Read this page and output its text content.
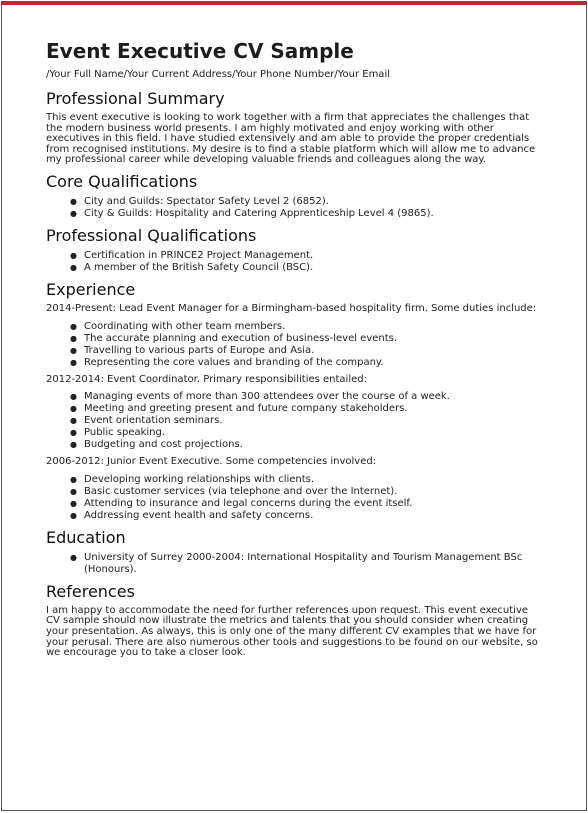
Event Executive CV Sample
/Your Full Name/Your Current Address/Your Phone Number/Your Email
Professional Summary

This event executive is looking to work together with a firm that appreciates the challenges that the modern business world presents. I am highly motivated and enjoy working with other executives in this field. I have studied extensively and am able to provide the proper credentials from recognised institutions. My desire is to find a stable platform which will allow me to advance my professional career while developing valuable friends and colleagues along the way.

Core Qualifications
● City and Guilds: Spectator Safety Level 2 (6852).
● City & Guilds: Hospitality and Catering Apprenticeship Level 4 (9865).
Professional Qualifications
● Certification in PRINCE2 Project Management.
● A member of the British Safety Council (BSC).
Experience

2014-Present: Lead Event Manager for a Birmingham-based hospitality firm. Some duties include:

● Coordinating with other team members.
● The accurate planning and execution of business-level events.
● Travelling to various parts of Europe and Asia.
● Representing the core values and branding of the company.

2012-2014: Event Coordinator. Primary responsibilities entailed:

● Managing events of more than 300 attendees over the course of a week.
● Meeting and greeting present and future company stakeholders.
● Event orientation seminars.
● Public speaking.
● Budgeting and cost projections.

2006-2012: Junior Event Executive. Some competencies involved:

● Developing working relationships with clients.
● Basic customer services (via telephone and over the Internet).
● Attending to insurance and legal concerns during the event itself.
● Addressing event health and safety concerns.
Education
● University of Surrey 2000-2004: International Hospitality and Tourism Management BSc (Honours).
References

I am happy to accommodate the need for further references upon request. This event executive CV sample should now illustrate the metrics and talents that you should consider when creating your presentation. As always, this is only one of the many different CV examples that we have for your perusal. There are also numerous other tools and suggestions to be found on our website, so we encourage you to take a closer look.
